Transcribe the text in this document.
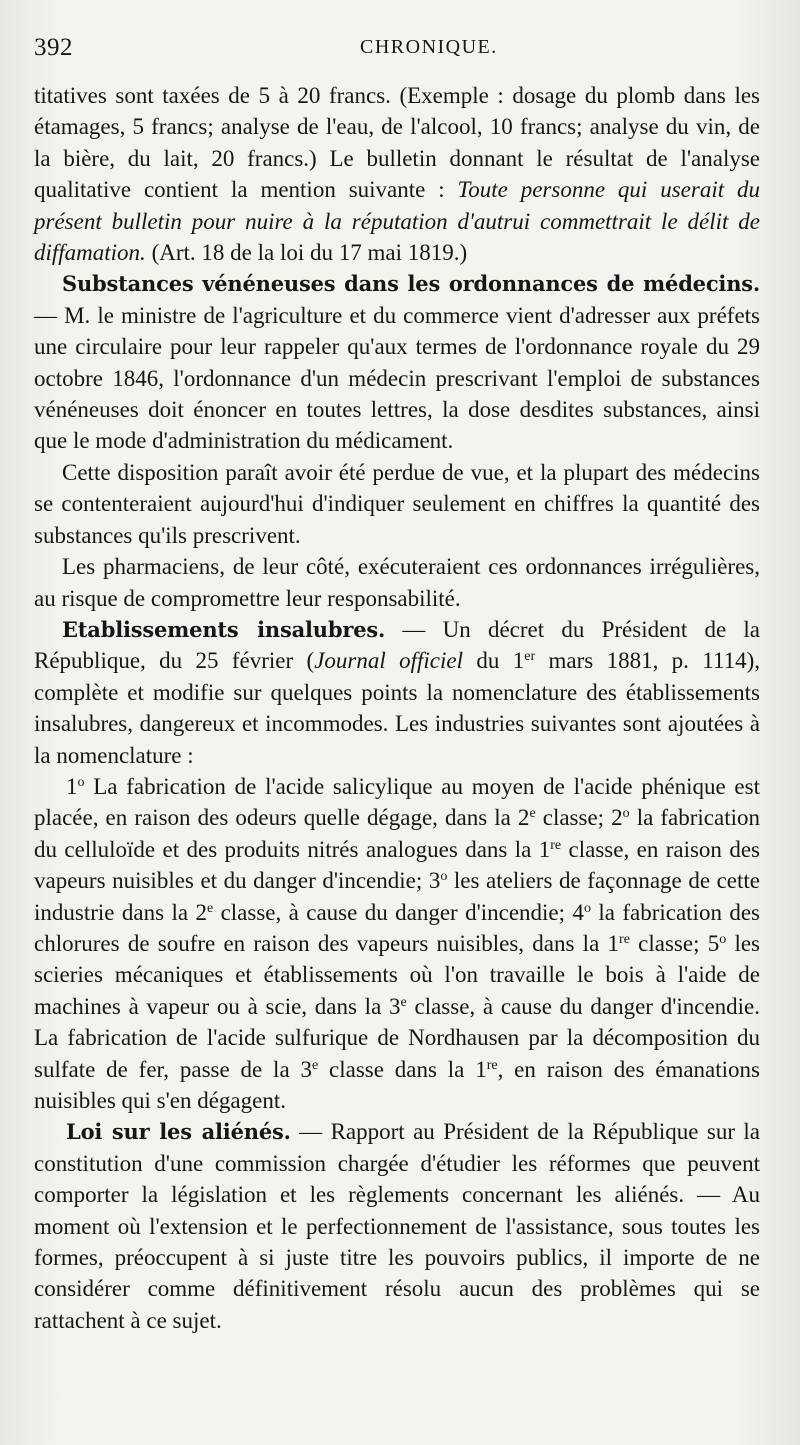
392	CHRONIQUE.

titatives sont taxées de 5 à 20 francs. (Exemple : dosage du plomb dans les étamages, 5 francs; analyse de l'eau, de l'alcool, 10 francs; analyse du vin, de la bière, du lait, 20 francs.) Le bulletin donnant le résultat de l'analyse qualitative contient la mention suivante : Toute personne qui userait du présent bulletin pour nuire à la réputation d'autrui commettrait le délit de diffamation. (Art. 18 de la loi du 17 mai 1819.)

Substances vénéneuses dans les ordonnances de médecins. — M. le ministre de l'agriculture et du commerce vient d'adresser aux préfets une circulaire pour leur rappeler qu'aux termes de l'ordonnance royale du 29 octobre 1846, l'ordonnance d'un médecin prescrivant l'emploi de substances vénéneuses doit énoncer en toutes lettres, la dose desdites substances, ainsi que le mode d'administration du médicament.

Cette disposition paraît avoir été perdue de vue, et la plupart des médecins se contenteraient aujourd'hui d'indiquer seulement en chiffres la quantité des substances qu'ils prescrivent.

Les pharmaciens, de leur côté, exécuteraient ces ordonnances irrégulières, au risque de compromettre leur responsabilité.

Etablissements insalubres. — Un décret du Président de la République, du 25 février (Journal officiel du 1er mars 1881, p. 1114), complète et modifie sur quelques points la nomenclature des établissements insalubres, dangereux et incommodes. Les industries suivantes sont ajoutées à la nomenclature :

1$^o$ La fabrication de l'acide salicylique au moyen de l'acide phénique est placée, en raison des odeurs quelle dégage, dans la 2e classe; 2$^o$ la fabrication du celluloïde et des produits nitrés analogues dans la 1re classe, en raison des vapeurs nuisibles et du danger d'incendie; 3$^o$ les ateliers de façonnage de cette industrie dans la 2e classe, à cause du danger d'incendie; 4$^o$ la fabrication des chlorures de soufre en raison des vapeurs nuisibles, dans la 1re classe; 5$^o$ les scieries mécaniques et établissements où l'on travaille le bois à l'aide de machines à vapeur ou à scie, dans la 3e classe, à cause du danger d'incendie. La fabrication de l'acide sulfurique de Nordhausen par la décomposition du sulfate de fer, passe de la 3e classe dans la 1re, en raison des émanations nuisibles qui s'en dégagent.

Loi sur les aliénés. — Rapport au Président de la République sur la constitution d'une commission chargée d'étudier les réformes que peuvent comporter la législation et les règlements concernant les aliénés. — Au moment où l'extension et le perfectionnement de l'assistance, sous toutes les formes, préoccupent à si juste titre les pouvoirs publics, il importe de ne considérer comme définitivement résolu aucun des problèmes qui se rattachent à ce sujet.
